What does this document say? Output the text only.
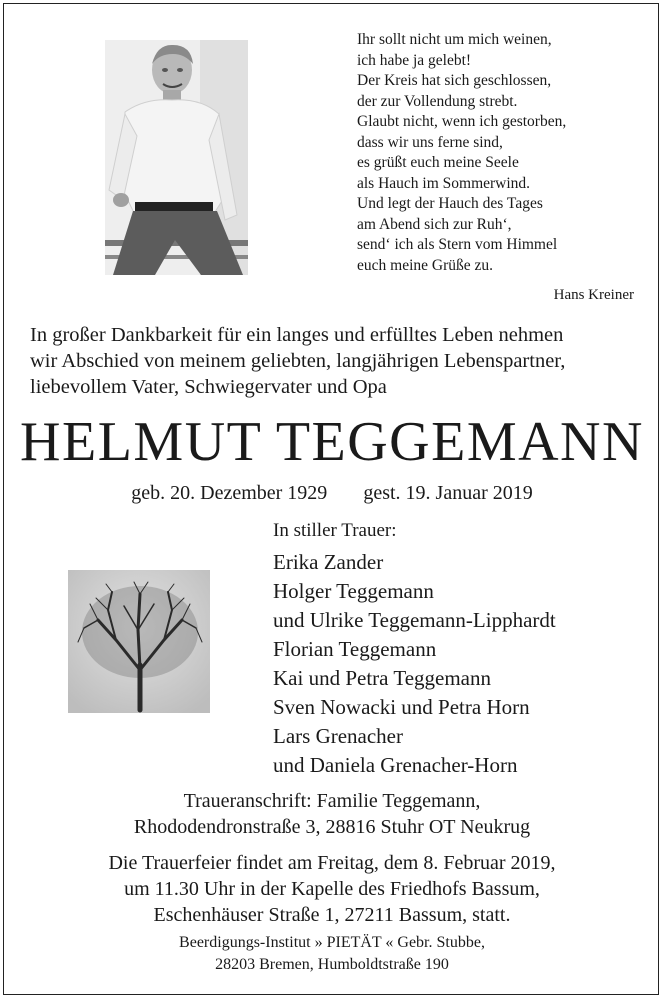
Ihr sollt nicht um mich weinen,
ich habe ja gelebt!
Der Kreis hat sich geschlossen,
der zur Vollendung strebt.
Glaubt nicht, wenn ich gestorben,
dass wir uns ferne sind,
es grüßt euch meine Seele
als Hauch im Sommerwind.
Und legt der Hauch des Tages
am Abend sich zur Ruh‘,
send‘ ich als Stern vom Himmel
euch meine Grüße zu.
Hans Kreiner
In großer Dankbarkeit für ein langes und erfülltes Leben nehmen
wir Abschied von meinem geliebten, langjährigen Lebenspartner,
liebevollem Vater, Schwiegervater und Opa
HELMUT TEGGEMANN
geb. 20. Dezember 1929 gest. 19. Januar 2019
In stiller Trauer:
Erika Zander
Holger Teggemann
und Ulrike Teggemann-Lipphardt
Florian Teggemann
Kai und Petra Teggemann
Sven Nowacki und Petra Horn
Lars Grenacher
und Daniela Grenacher-Horn
Traueranschrift: Familie Teggemann,
Rhododendronstraße 3, 28816 Stuhr OT Neukrug
Die Trauerfeier findet am Freitag, dem 8. Februar 2019,
um 11.30 Uhr in der Kapelle des Friedhofs Bassum,
Eschenhäuser Straße 1, 27211 Bassum, statt.
Beerdigungs-Institut » PIETÄT « Gebr. Stubbe,
28203 Bremen, Humboldtstraße 190
